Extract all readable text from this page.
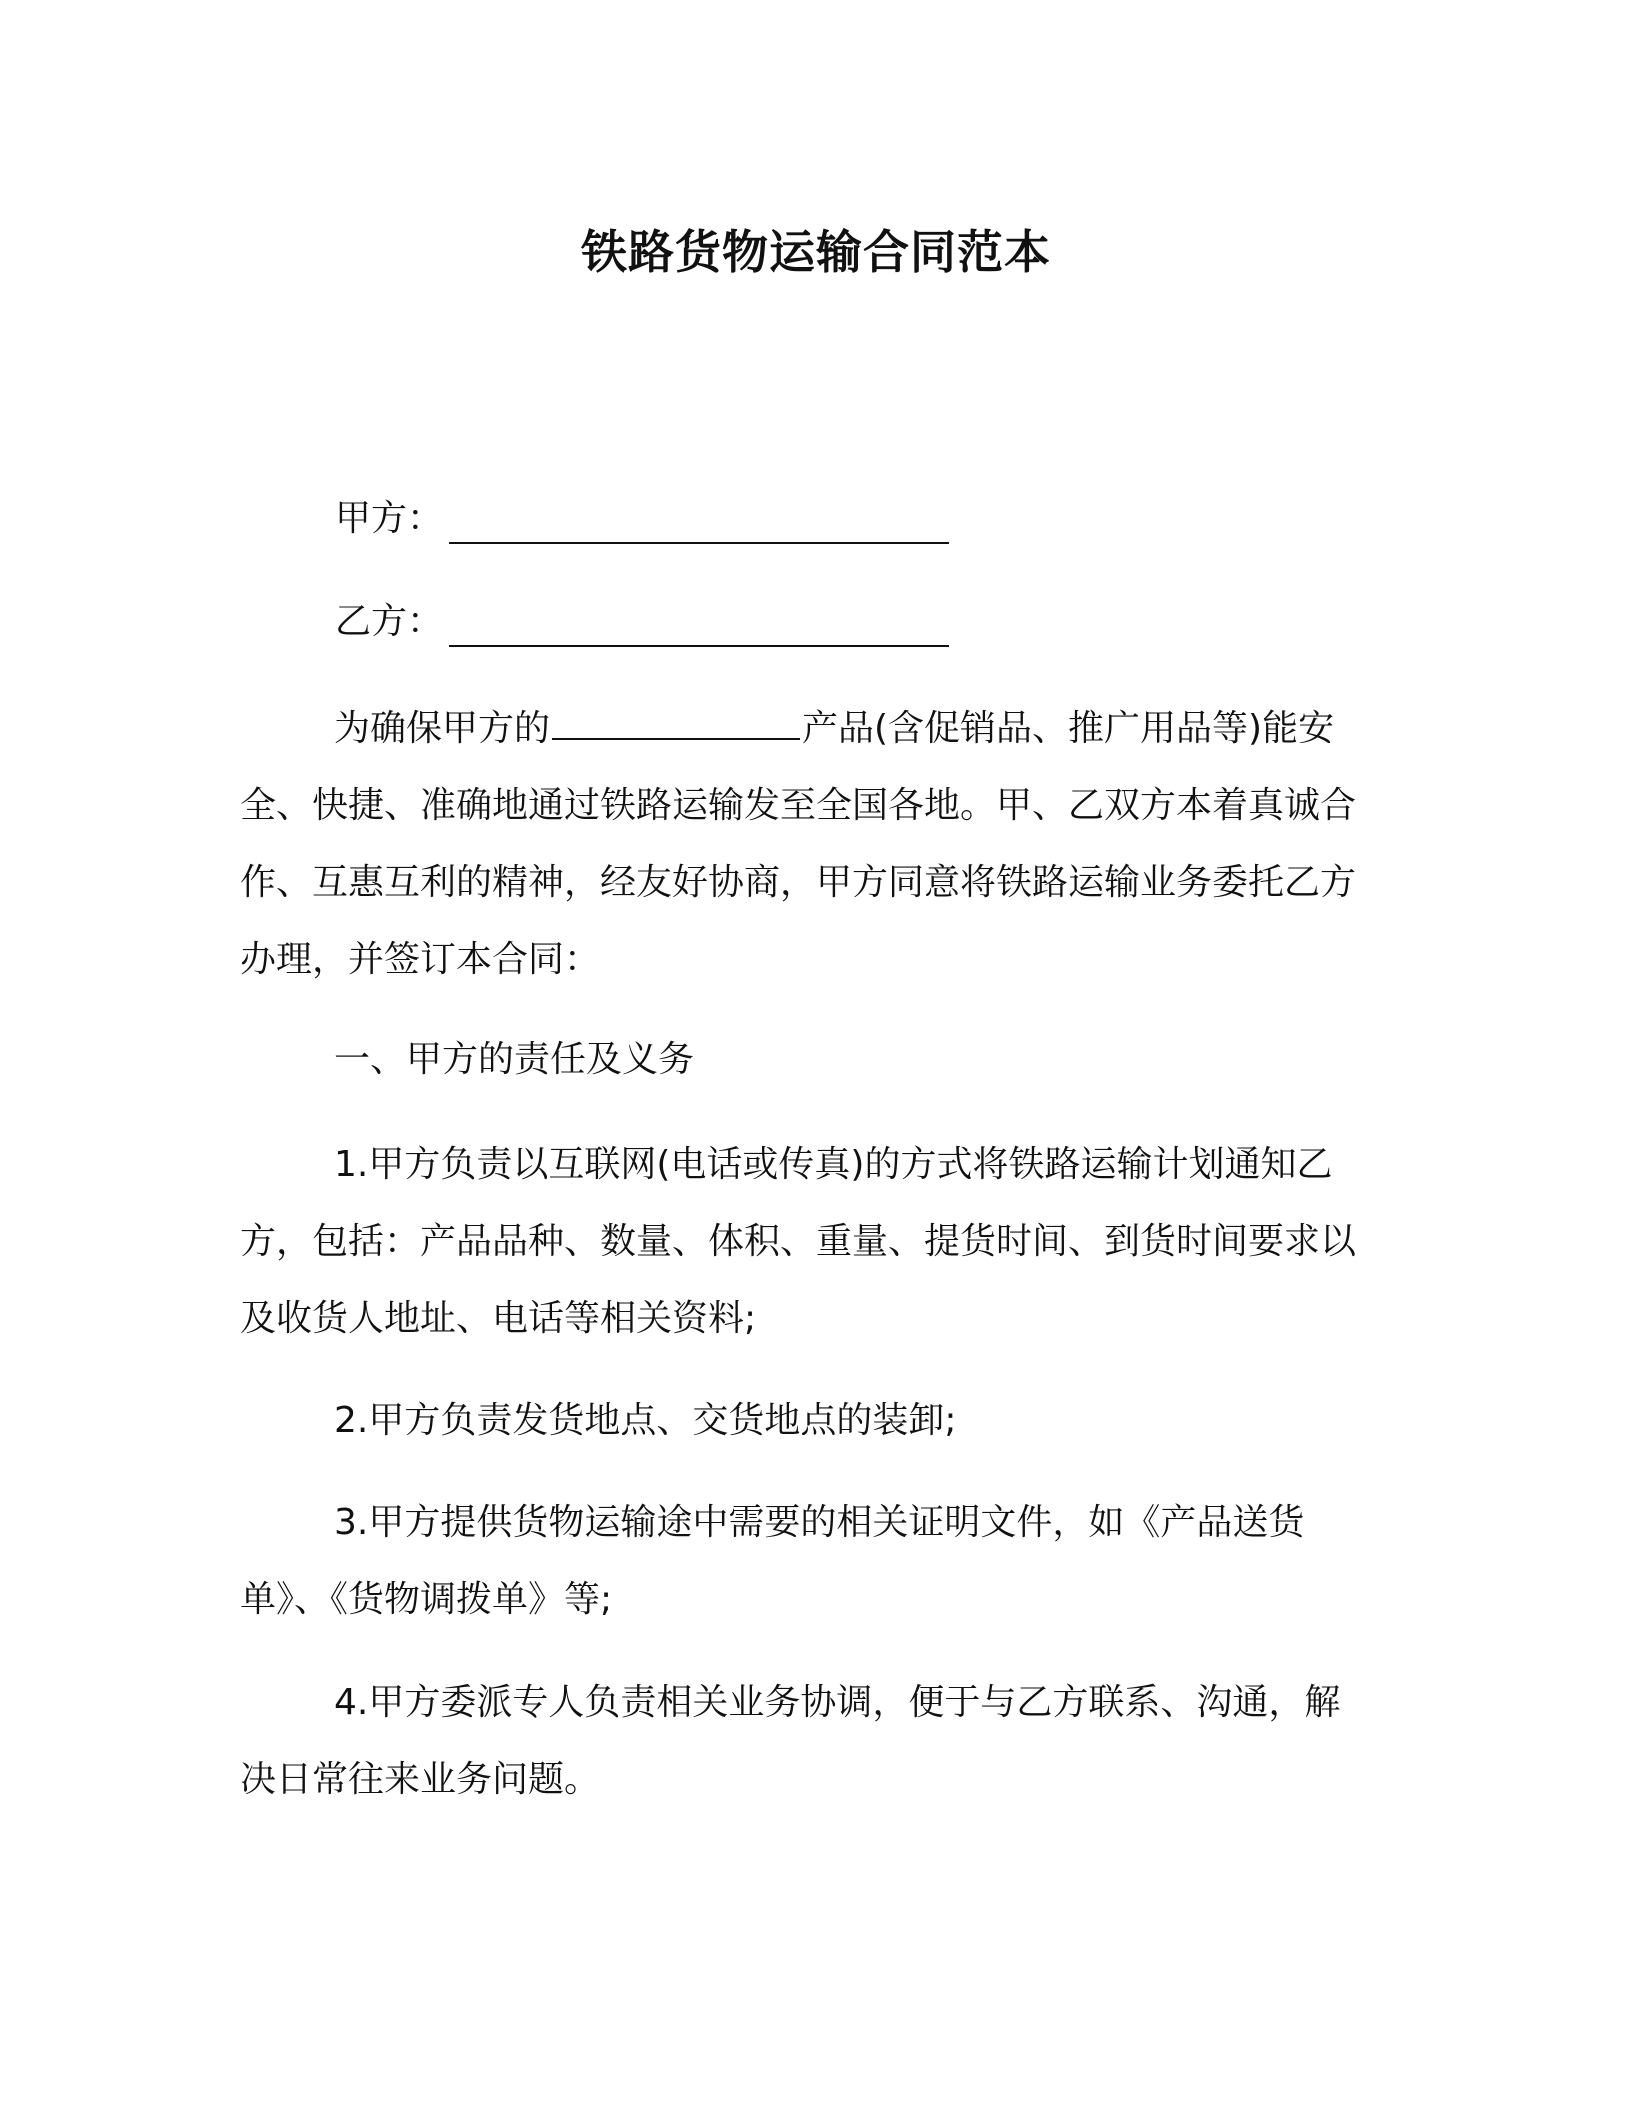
铁路货物运输合同范本
甲方：
乙方：

为确保甲方的	产品(含促销品、推广用品等)能安全、快捷、准确地通过铁路运输发至全国各地。甲、乙双方本着真诚合作、互惠互利的精神，经友好协商，甲方同意将铁路运输业务委托乙方办理，并签订本合同：

一、甲方的责任及义务

1.甲方负责以互联网(电话或传真)的方式将铁路运输计划通知乙方，包括：产品品种、数量、体积、重量、提货时间、到货时间要求以及收货人地址、电话等相关资料;

2.甲方负责发货地点、交货地点的装卸;

3.甲方提供货物运输途中需要的相关证明文件，如《产品送货单》、《货物调拨单》等;

4.甲方委派专人负责相关业务协调，便于与乙方联系、沟通，解决日常往来业务问题。
